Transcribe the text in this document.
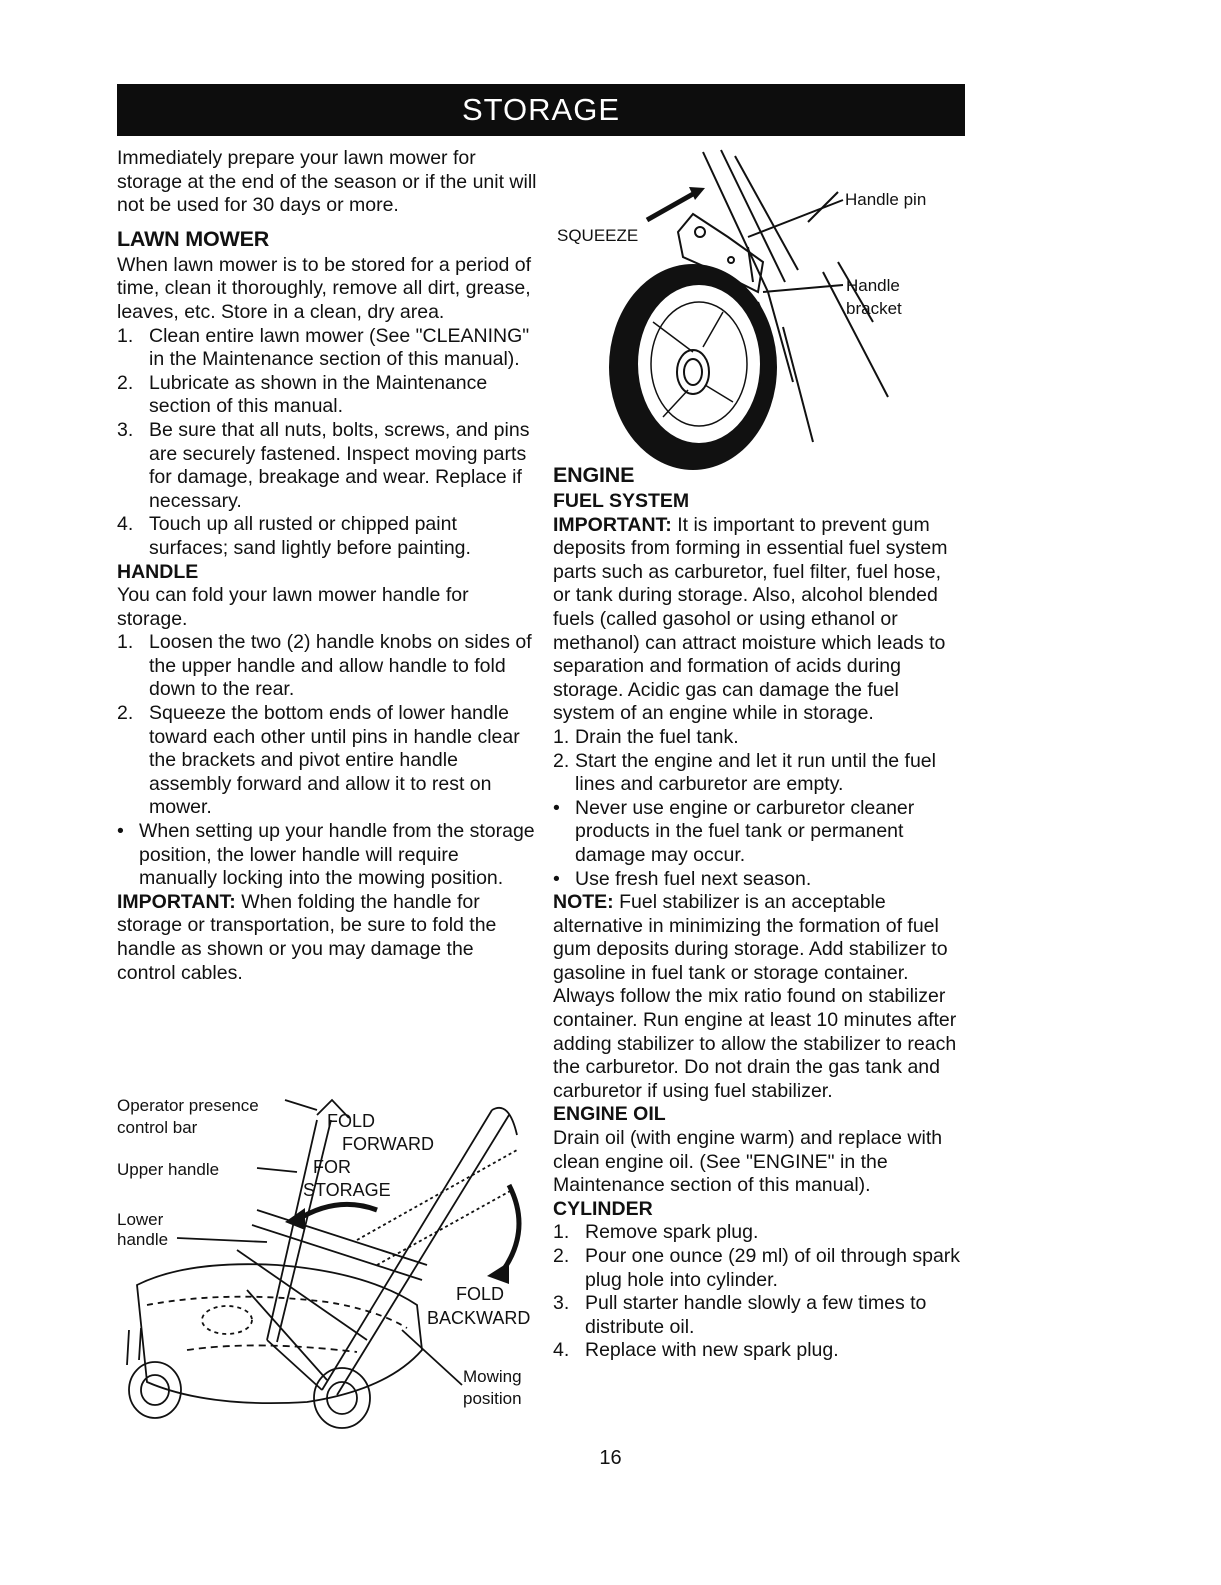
STORAGE

Immediately prepare your lawn mower for storage at the end of the season or if the unit will not be used for 30 days or more.

LAWN MOWER

When lawn mower is to be stored for a period of time, clean it thoroughly, remove all dirt, grease, leaves, etc. Store in a clean, dry area.

1. Clean entire lawn mower (See "CLEANING" in the Maintenance section of this manual).
2. Lubricate as shown in the Maintenance section of this manual.
3. Be sure that all nuts, bolts, screws, and pins are securely fastened. Inspect moving parts for damage, breakage and wear. Replace if necessary.
4. Touch up all rusted or chipped paint surfaces; sand lightly before painting.

HANDLE

You can fold your lawn mower handle for storage.

1. Loosen the two (2) handle knobs on sides of the upper handle and allow handle to fold down to the rear.
2. Squeeze the bottom ends of lower handle toward each other until pins in handle clear the brackets and pivot entire handle assembly forward and allow it to rest on mower.
• When setting up your handle from the storage position, the lower handle will require manually locking into the mowing position.

IMPORTANT: When folding the handle for storage or transportation, be sure to fold the handle as shown or you may damage the control cables.

SQUEEZE
Handle pin
Handle
bracket

ENGINE

FUEL SYSTEM

IMPORTANT: It is important to prevent gum deposits from forming in essential fuel system parts such as carburetor, fuel filter, fuel hose, or tank during storage. Also, alcohol blended fuels (called gasohol or using ethanol or methanol) can attract moisture which leads to separation and formation of acids during storage. Acidic gas can damage the fuel system of an engine while in storage.

1. Drain the fuel tank.
2. Start the engine and let it run until the fuel lines and carburetor are empty.
• Never use engine or carburetor cleaner products in the fuel tank or permanent damage may occur.
• Use fresh fuel next season.

NOTE: Fuel stabilizer is an acceptable alternative in minimizing the formation of fuel gum deposits during storage. Add stabilizer to gasoline in fuel tank or storage container. Always follow the mix ratio found on stabilizer container. Run engine at least 10 minutes after adding stabilizer to allow the stabilizer to reach the carburetor. Do not drain the gas tank and carburetor if using fuel stabilizer.

ENGINE OIL

Drain oil (with engine warm) and replace with clean engine oil. (See "ENGINE" in the Maintenance section of this manual).

CYLINDER

1. Remove spark plug.
2. Pour one ounce (29 ml) of oil through spark plug hole into cylinder.
3. Pull starter handle slowly a few times to distribute oil.
4. Replace with new spark plug.
Operator presence
control bar
Upper handle
Lower
handle
FOLD
FORWARD
FOR
STORAGE
FOLD
BACKWARD
Mowing
position
16
